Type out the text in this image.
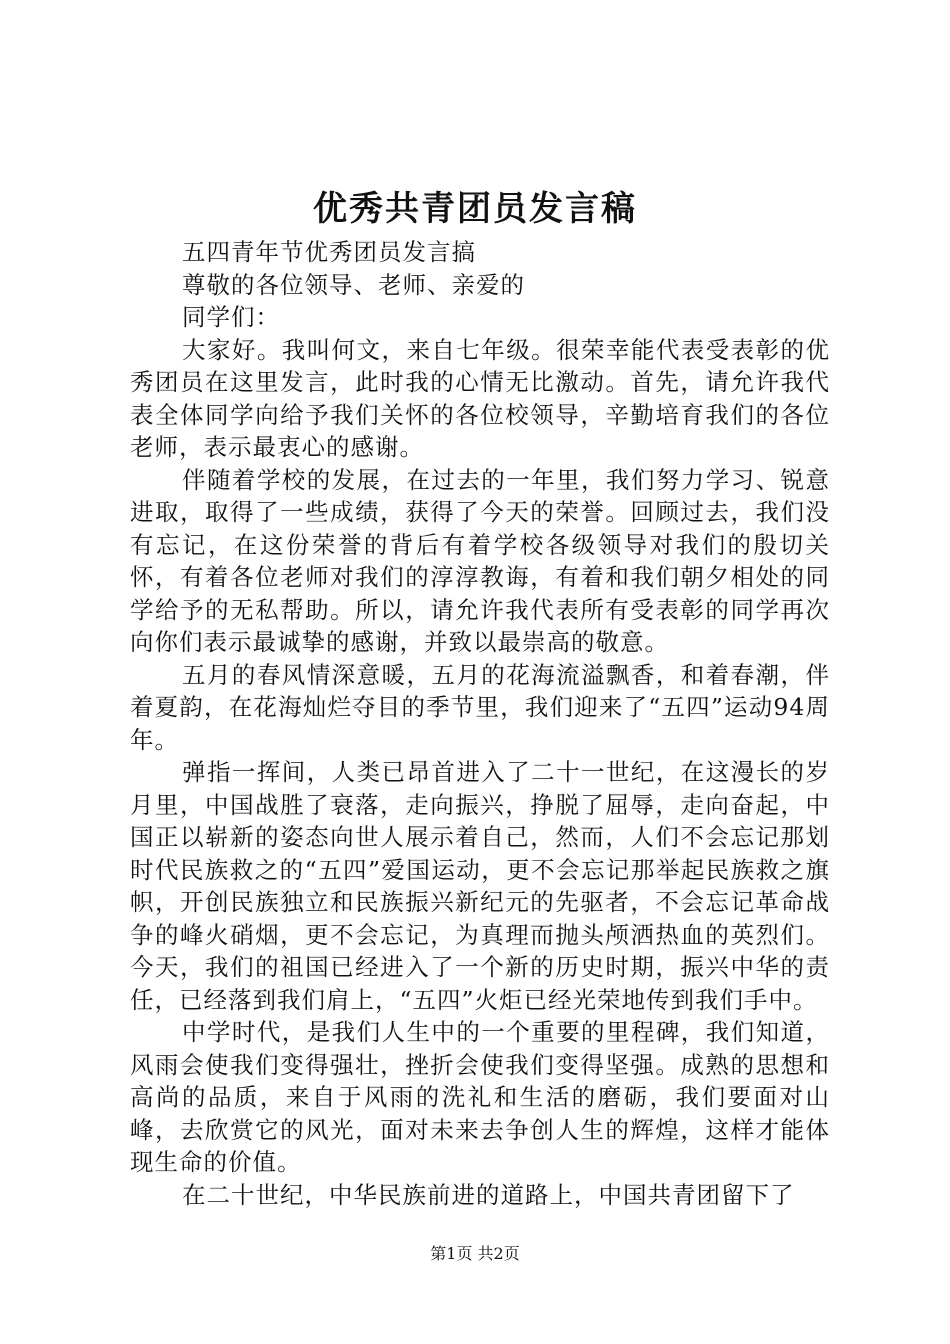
优秀共青团员发言稿

五四青年节优秀团员发言搞

尊敬的各位领导、老师、亲爱的

同学们：

大家好。我叫何文，来自七年级。很荣幸能代表受表彰的优秀团员在这里发言，此时我的心情无比激动。首先，请允许我代表全体同学向给予我们关怀的各位校领导，辛勤培育我们的各位老师，表示最衷心的感谢。

伴随着学校的发展，在过去的一年里，我们努力学习、锐意进取，取得了一些成绩，获得了今天的荣誉。回顾过去，我们没有忘记，在这份荣誉的背后有着学校各级领导对我们的殷切关怀，有着各位老师对我们的淳淳教诲，有着和我们朝夕相处的同学给予的无私帮助。所以，请允许我代表所有受表彰的同学再次向你们表示最诚挚的感谢，并致以最崇高的敬意。

五月的春风情深意暖，五月的花海流溢飘香，和着春潮，伴着夏韵，在花海灿烂夺目的季节里，我们迎来了“五四”运动94周年。

弹指一挥间，人类已昂首进入了二十一世纪，在这漫长的岁月里，中国战胜了衰落，走向振兴，挣脱了屈辱，走向奋起，中国正以崭新的姿态向世人展示着自己，然而，人们不会忘记那划时代民族救之的“五四”爱国运动，更不会忘记那举起民族救之旗帜，开创民族独立和民族振兴新纪元的先驱者，不会忘记革命战争的峰火硝烟，更不会忘记，为真理而抛头颅洒热血的英烈们。今天，我们的祖国已经进入了一个新的历史时期，振兴中华的责任，已经落到我们肩上，“五四”火炬已经光荣地传到我们手中。

中学时代，是我们人生中的一个重要的里程碑，我们知道，风雨会使我们变得强壮，挫折会使我们变得坚强。成熟的思想和高尚的品质，来自于风雨的洗礼和生活的磨砺，我们要面对山峰，去欣赏它的风光，面对未来去争创人生的辉煌，这样才能体现生命的价值。

在二十世纪，中华民族前进的道路上，中国共青团留下了

第1页 共2页
